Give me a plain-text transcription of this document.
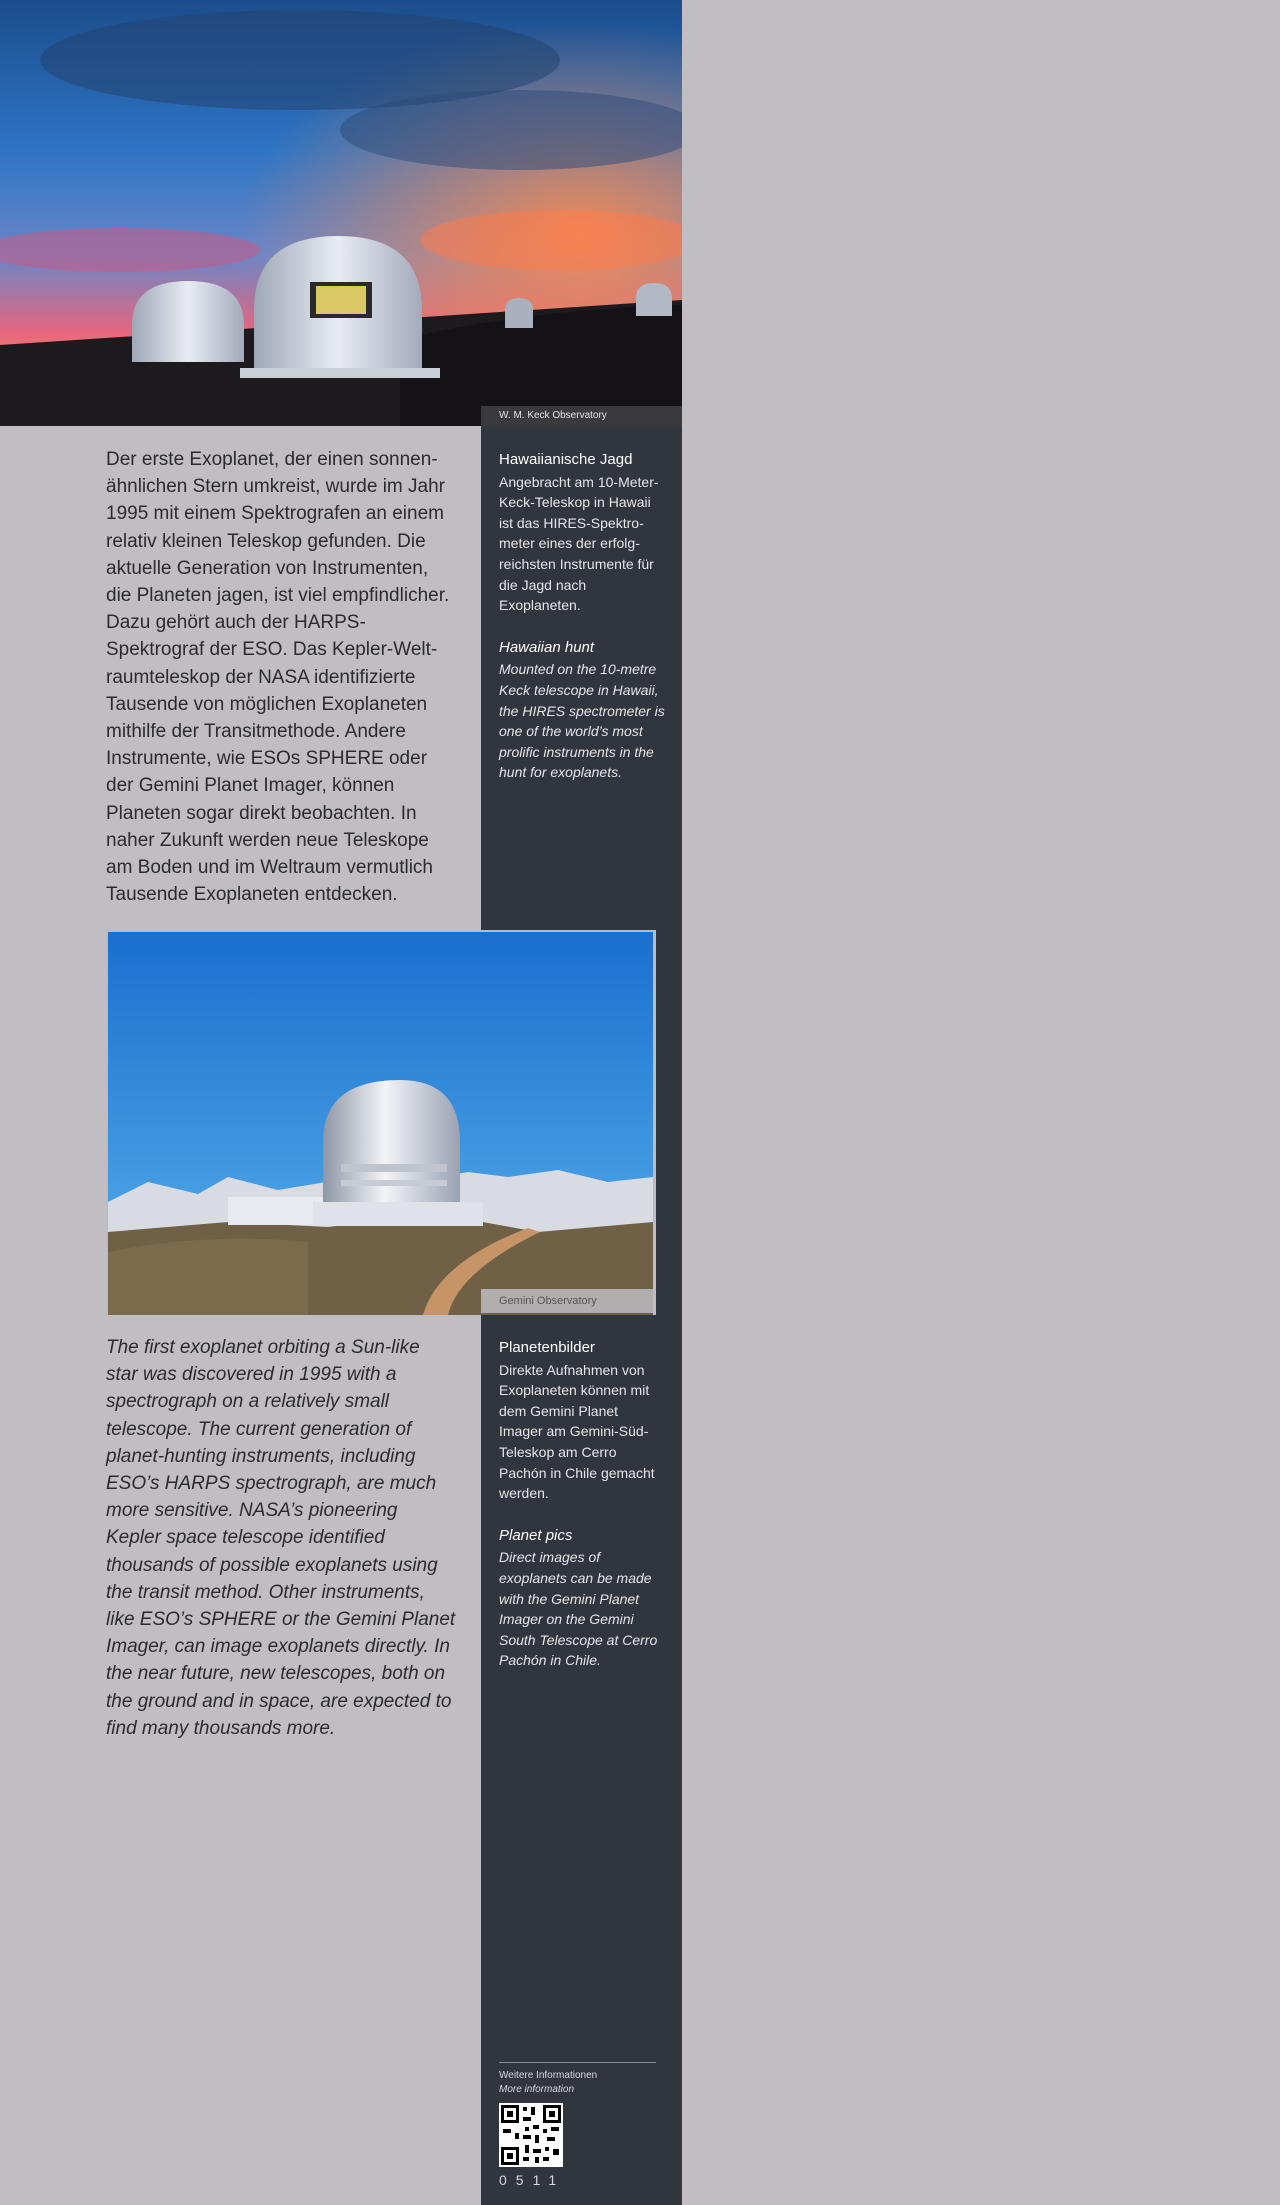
W. M. Keck Observatory

Der erste Exoplanet, der einen sonnenähnlichen Stern umkreist, wurde im Jahr 1995 mit einem Spektrografen an einem relativ kleinen Teleskop gefunden. Die aktuelle Generation von Instrumenten, die Planeten jagen, ist viel empfindlicher. Dazu gehört auch der HARPS-Spektrograf der ESO. Das Kepler-Weltraumteleskop der NASA identifizierte Tausende von möglichen Exoplaneten mithilfe der Transitmethode. Andere Instrumente, wie ESOs SPHERE oder der Gemini Planet Imager, können Planeten sogar direkt beobachten. In naher Zukunft werden neue Teleskope am Boden und im Weltraum vermutlich Tausende Exoplaneten entdecken.

Hawaiianische Jagd

Angebracht am 10-Meter-Keck-Teleskop in Hawaii ist das HIRES-Spektrometer eines der erfolgreichsten Instrumente für die Jagd nach Exoplaneten.

Hawaiian hunt

Mounted on the 10-metre Keck telescope in Hawaii, the HIRES spectrometer is one of the world’s most prolific instruments in the hunt for exoplanets.

Gemini Observatory

The first exoplanet orbiting a Sun-like star was discovered in 1995 with a spectrograph on a relatively small telescope. The current generation of planet-hunting instruments, including ESO’s HARPS spectrograph, are much more sensitive. NASA’s pioneering Kepler space telescope identified thousands of possible exoplanets using the transit method. Other instruments, like ESO’s SPHERE or the Gemini Planet Imager, can image exoplanets directly. In the near future, new telescopes, both on the ground and in space, are expected to find many thousands more.

Planetenbilder

Direkte Aufnahmen von Exoplaneten können mit dem Gemini Planet Imager am Gemini-Süd-Teleskop am Cerro Pachón in Chile gemacht werden.

Planet pics

Direct images of exoplanets can be made with the Gemini Planet Imager on the Gemini South Telescope at Cerro Pachón in Chile.

Weitere Informationen
More information
0511
